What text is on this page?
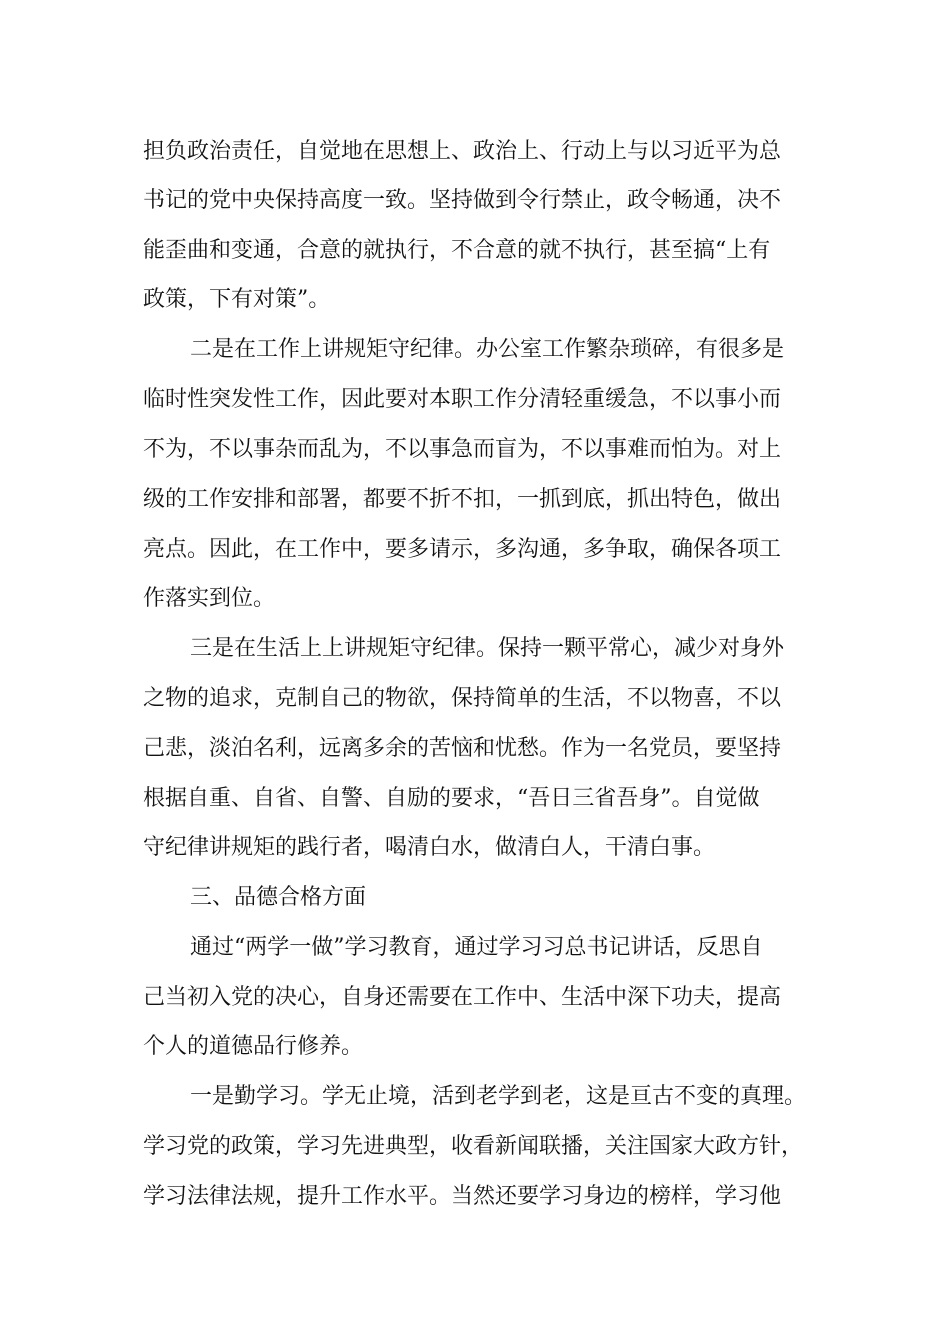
担负政治责任，自觉地在思想上、政治上、行动上与以习近平为总
书记的党中央保持高度一致。坚持做到令行禁止，政令畅通，决不
能歪曲和变通，合意的就执行，不合意的就不执行，甚至搞“上有
政策，下有对策”。
二是在工作上讲规矩守纪律。办公室工作繁杂琐碎，有很多是
临时性突发性工作，因此要对本职工作分清轻重缓急，不以事小而
不为，不以事杂而乱为，不以事急而盲为，不以事难而怕为。对上
级的工作安排和部署，都要不折不扣，一抓到底，抓出特色，做出
亮点。因此，在工作中，要多请示，多沟通，多争取，确保各项工
作落实到位。
三是在生活上上讲规矩守纪律。保持一颗平常心，减少对身外
之物的追求，克制自己的物欲，保持简单的生活，不以物喜，不以
己悲，淡泊名利，远离多余的苦恼和忧愁。作为一名党员，要坚持
根据自重、自省、自警、自励的要求，“吾日三省吾身”。自觉做
守纪律讲规矩的践行者，喝清白水，做清白人，干清白事。
三、品德合格方面
通过“两学一做”学习教育，通过学习习总书记讲话，反思自
己当初入党的决心，自身还需要在工作中、生活中深下功夫，提高
个人的道德品行修养。
一是勤学习。学无止境，活到老学到老，这是亘古不变的真理。
学习党的政策，学习先进典型，收看新闻联播，关注国家大政方针，
学习法律法规，提升工作水平。当然还要学习身边的榜样，学习他
